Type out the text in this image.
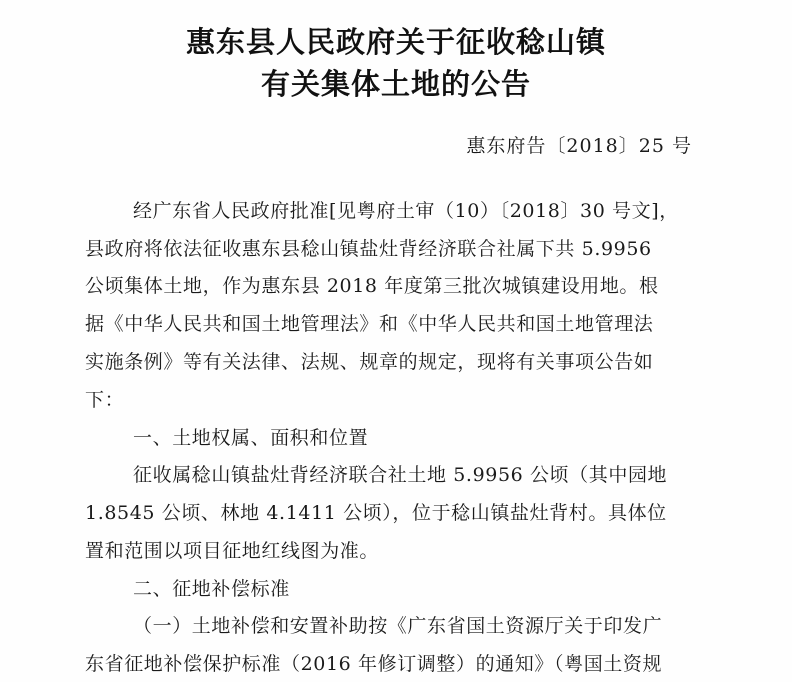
惠东县人民政府关于征收稔山镇
有关集体土地的公告
惠东府告〔2018〕25 号
经广东省人民政府批准[见粤府土审（10）〔2018〕30 号文]，
县政府将依法征收惠东县稔山镇盐灶背经济联合社属下共 5.9956
公顷集体土地，作为惠东县 2018 年度第三批次城镇建设用地。根
据《中华人民共和国土地管理法》和《中华人民共和国土地管理法
实施条例》等有关法律、法规、规章的规定，现将有关事项公告如
下：
一、土地权属、面积和位置
征收属稔山镇盐灶背经济联合社土地 5.9956 公顷（其中园地
1.8545 公顷、林地 4.1411 公顷），位于稔山镇盐灶背村。具体位
置和范围以项目征地红线图为准。
二、征地补偿标准
（一）土地补偿和安置补助按《广东省国土资源厅关于印发广
东省征地补偿保护标准（2016 年修订调整）的通知》（粤国土资规
